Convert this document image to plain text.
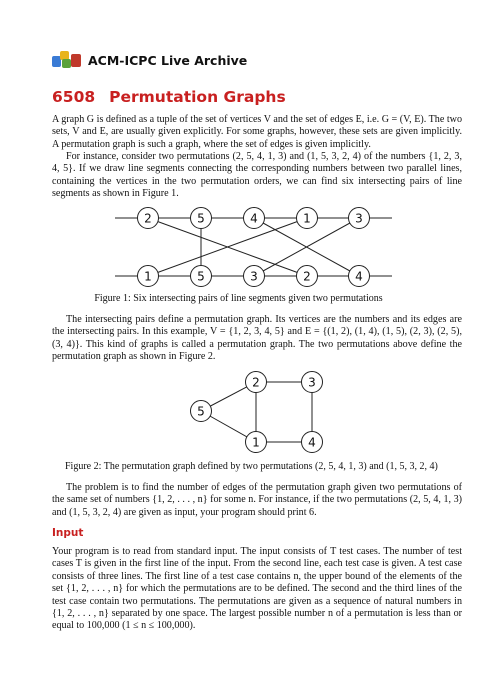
ACM-ICPC Live Archive
6508 Permutation Graphs

A graph G is defined as a tuple of the set of vertices V and the set of edges E, i.e. G = (V, E). The two sets, V and E, are usually given explicitly. For some graphs, however, these sets are given implicitly. A permutation graph is such a graph, where the set of edges is given implicitly.

For instance, consider two permutations (2, 5, 4, 1, 3) and (1, 5, 3, 2, 4) of the numbers {1, 2, 3, 4, 5}. If we draw line segments connecting the corresponding numbers between two parallel lines, containing the vertices in the two permutation orders, we can find six intersecting pairs of line segments as shown in Figure 1.

2	5	4	1	3
1	5	3	2	4

Figure 1: Six intersecting pairs of line segments given two permutations

The intersecting pairs define a permutation graph. Its vertices are the numbers and its edges are the intersecting pairs. In this example, V = {1, 2, 3, 4, 5} and E = {(1, 2), (1, 4), (1, 5), (2, 3), (2, 5), (3, 4)}. This kind of graphs is called a permutation graph. The two permutations above define the permutation graph as shown in Figure 2.

1
2	3
4
5

Figure 2: The permutation graph defined by two permutations (2, 5, 4, 1, 3) and (1, 5, 3, 2, 4)

The problem is to find the number of edges of the permutation graph given two permutations of the same set of numbers {1, 2, . . . , n} for some n. For instance, if the two permutations (2, 5, 4, 1, 3) and (1, 5, 3, 2, 4) are given as input, your program should print 6.

Input

Your program is to read from standard input. The input consists of T test cases. The number of test cases T is given in the first line of the input. From the second line, each test case is given. A test case consists of three lines. The first line of a test case contains n, the upper bound of the elements of the set {1, 2, . . . , n} for which the permutations are to be defined. The second and the third lines of the test case contain two permutations. The permutations are given as a sequence of natural numbers in {1, 2, . . . , n} separated by one space. The largest possible number n of a permutation is less than or equal to 100,000 (1 ≤ n ≤ 100,000).
